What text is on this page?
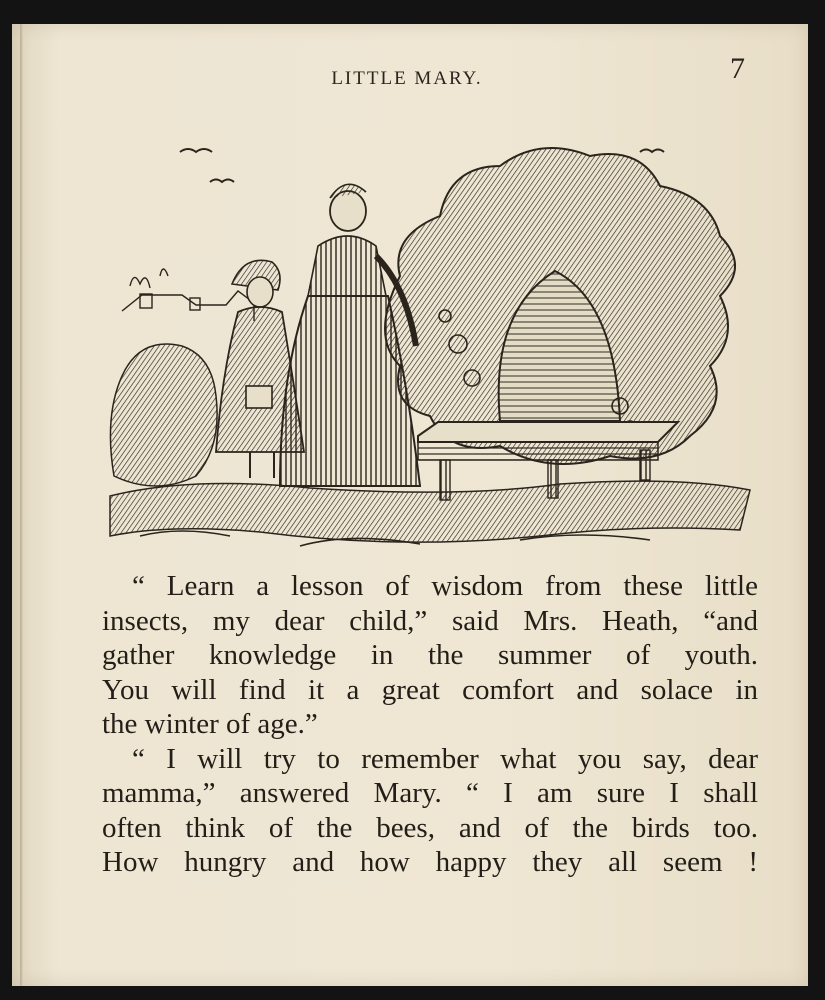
LITTLE MARY.	7
“ Learn a lesson of wisdom from these little
insects, my dear child,” said Mrs. Heath, “and
gather knowledge in the summer of youth.
You will find it a great comfort and solace in
the winter of age.”
“ I will try to remember what you say, dear
mamma,” answered Mary. “ I am sure I shall
often think of the bees, and of the birds too.
How hungry and how happy they all seem !
